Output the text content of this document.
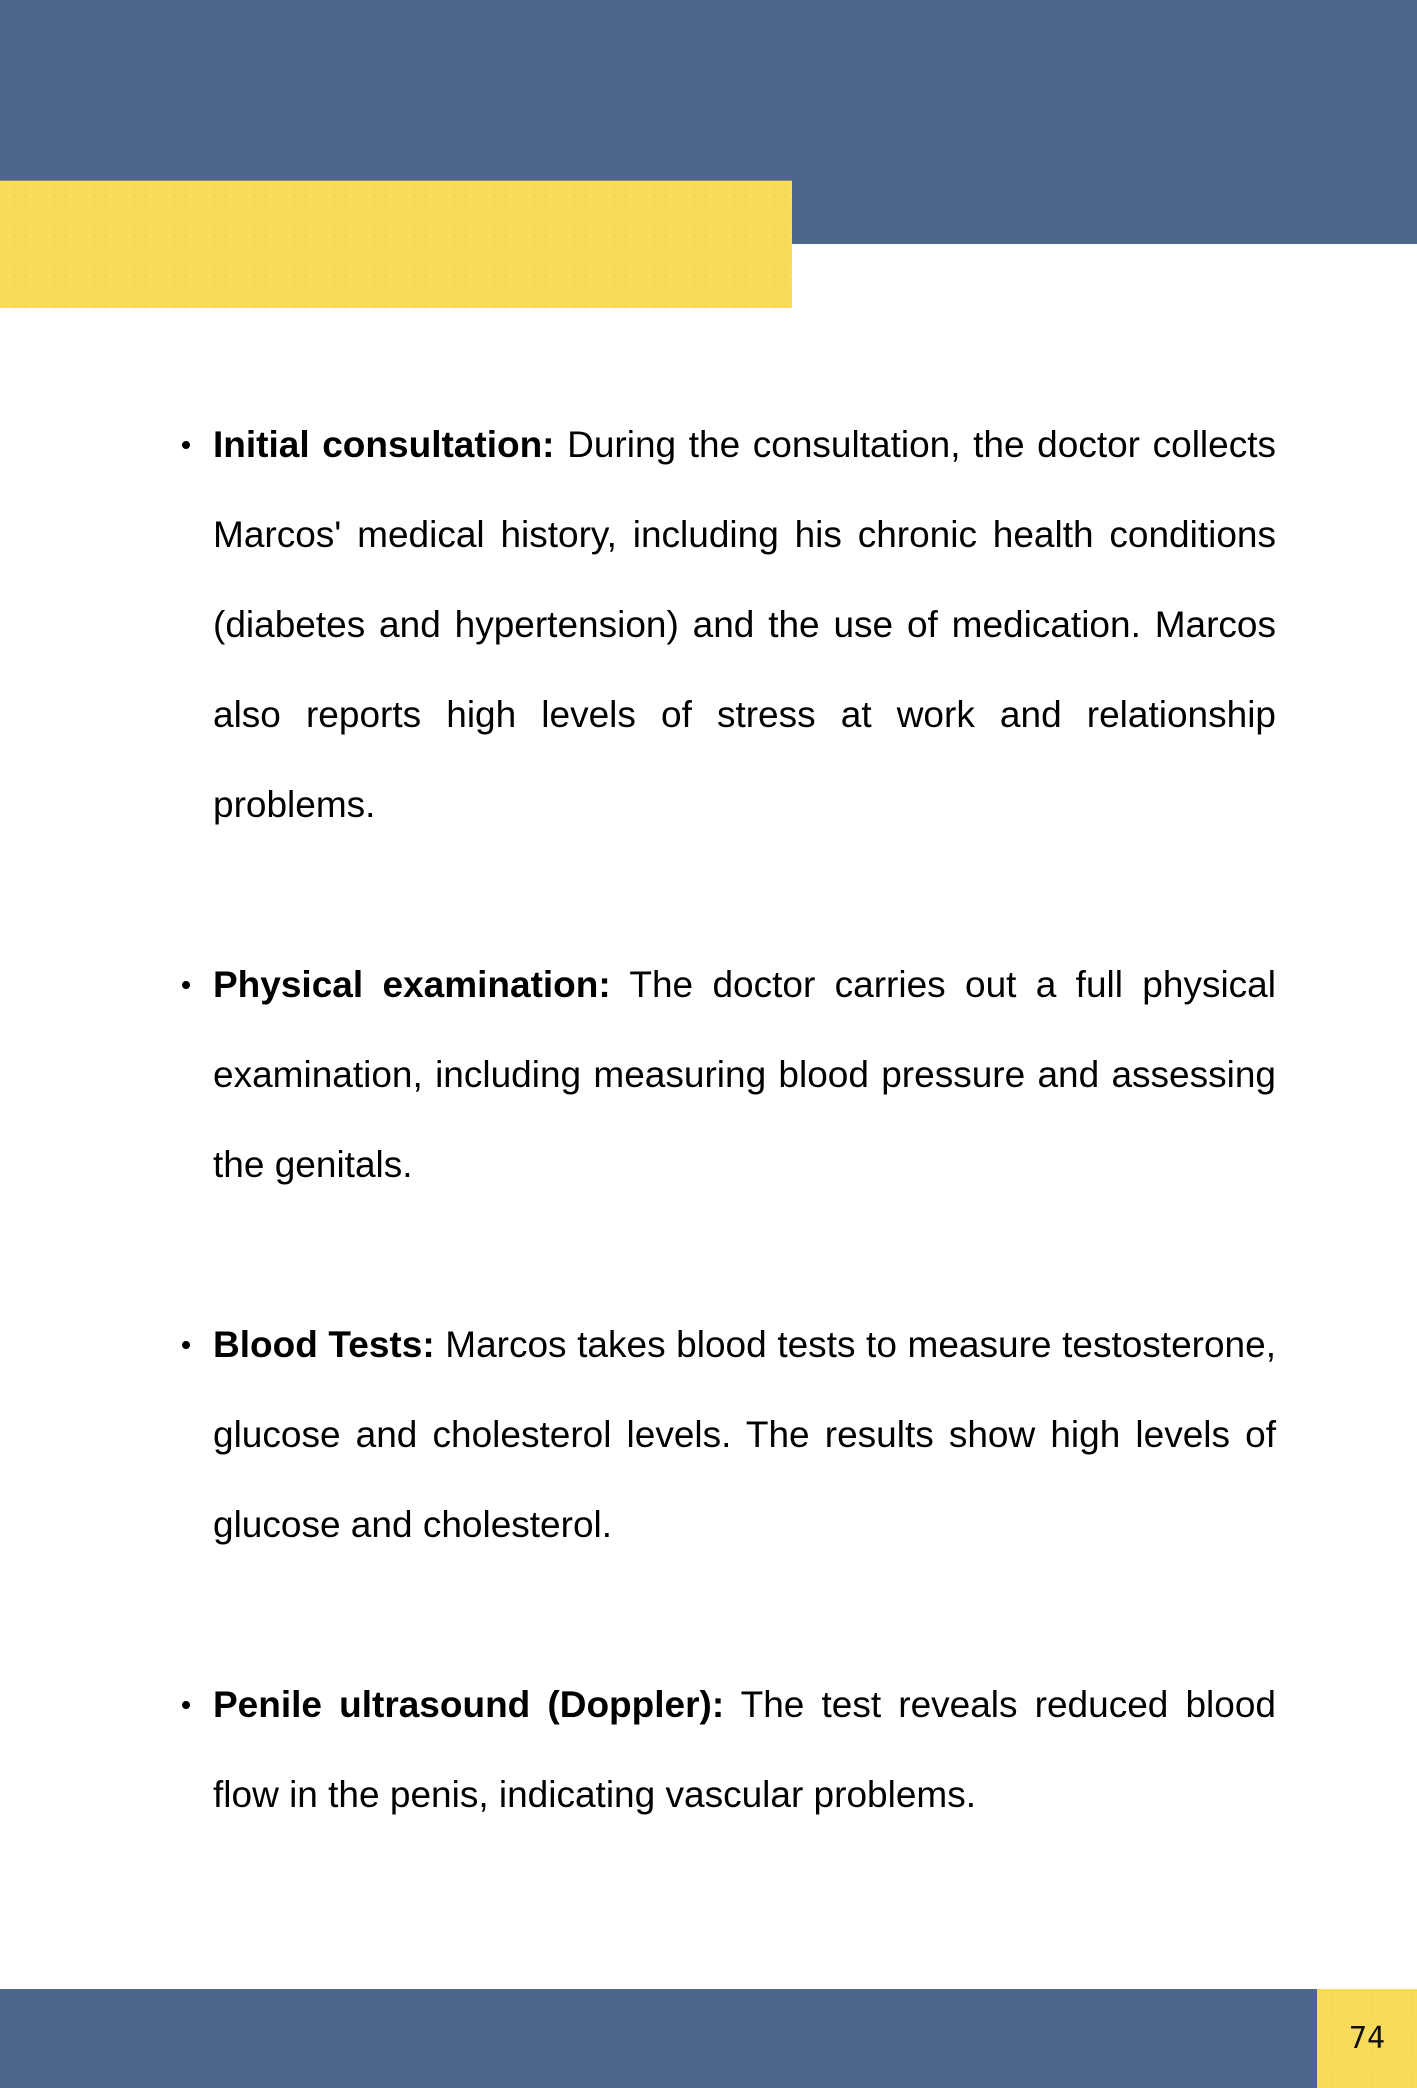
Initial consultation: During the consultation, the doctor collects Marcos' medical history, including his chronic health conditions (diabetes and hypertension) and the use of medication. Marcos also reports high levels of stress at work and relationship problems.
Physical examination: The doctor carries out a full physical examination, including measuring blood pressure and assessing the genitals.
Blood Tests: Marcos takes blood tests to measure testosterone, glucose and cholesterol levels. The results show high levels of glucose and cholesterol.
Penile ultrasound (Doppler): The test reveals reduced blood flow in the penis, indicating vascular problems.
74
